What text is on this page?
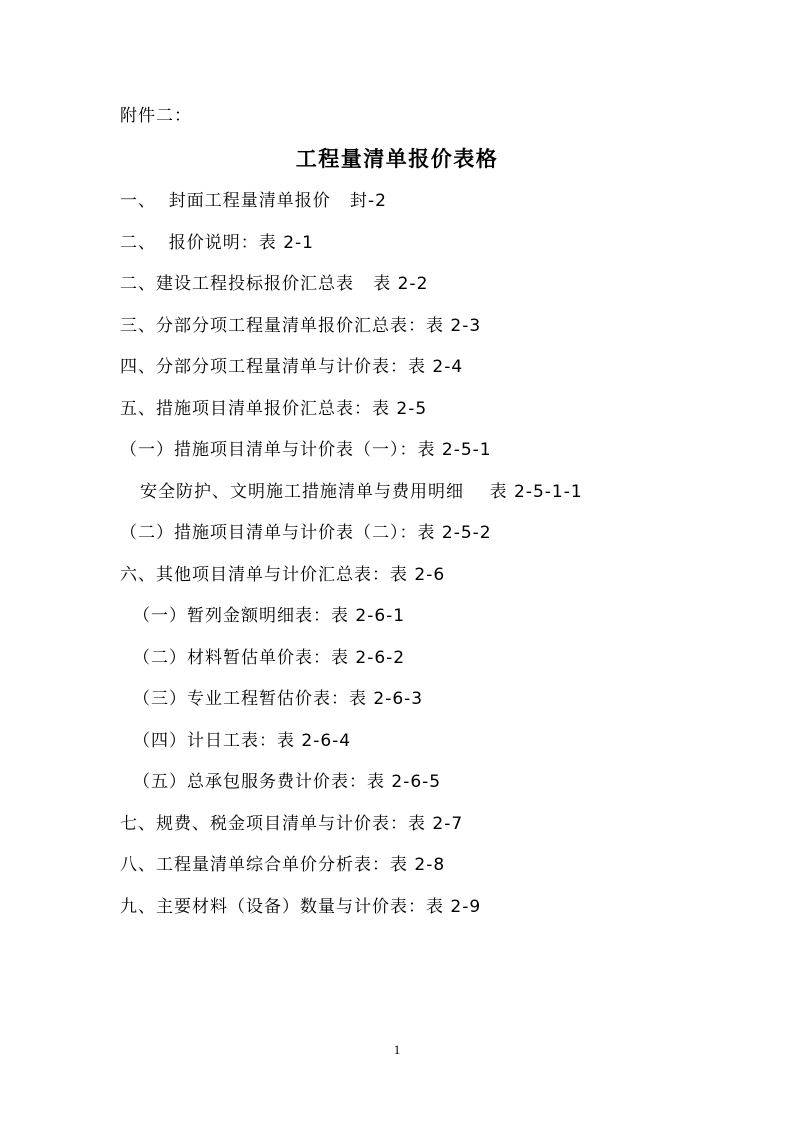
附件二：
工程量清单报价表格
一、  封面工程量清单报价   封-2
二、  报价说明：表 2-1
二、建设工程投标报价汇总表   表 2-2
三、分部分项工程量清单报价汇总表：表 2-3
四、分部分项工程量清单与计价表：表 2-4
五、措施项目清单报价汇总表：表 2-5
（一）措施项目清单与计价表（一）：表 2-5-1
安全防护、文明施工措施清单与费用明细    表 2-5-1-1
（二）措施项目清单与计价表（二）：表 2-5-2
六、其他项目清单与计价汇总表：表 2-6
（一）暂列金额明细表：表 2-6-1
（二）材料暂估单价表：表 2-6-2
（三）专业工程暂估价表：表 2-6-3
（四）计日工表：表 2-6-4
（五）总承包服务费计价表：表 2-6-5
七、规费、税金项目清单与计价表：表 2-7
八、工程量清单综合单价分析表：表 2-8
九、主要材料（设备）数量与计价表：表 2-9
1
